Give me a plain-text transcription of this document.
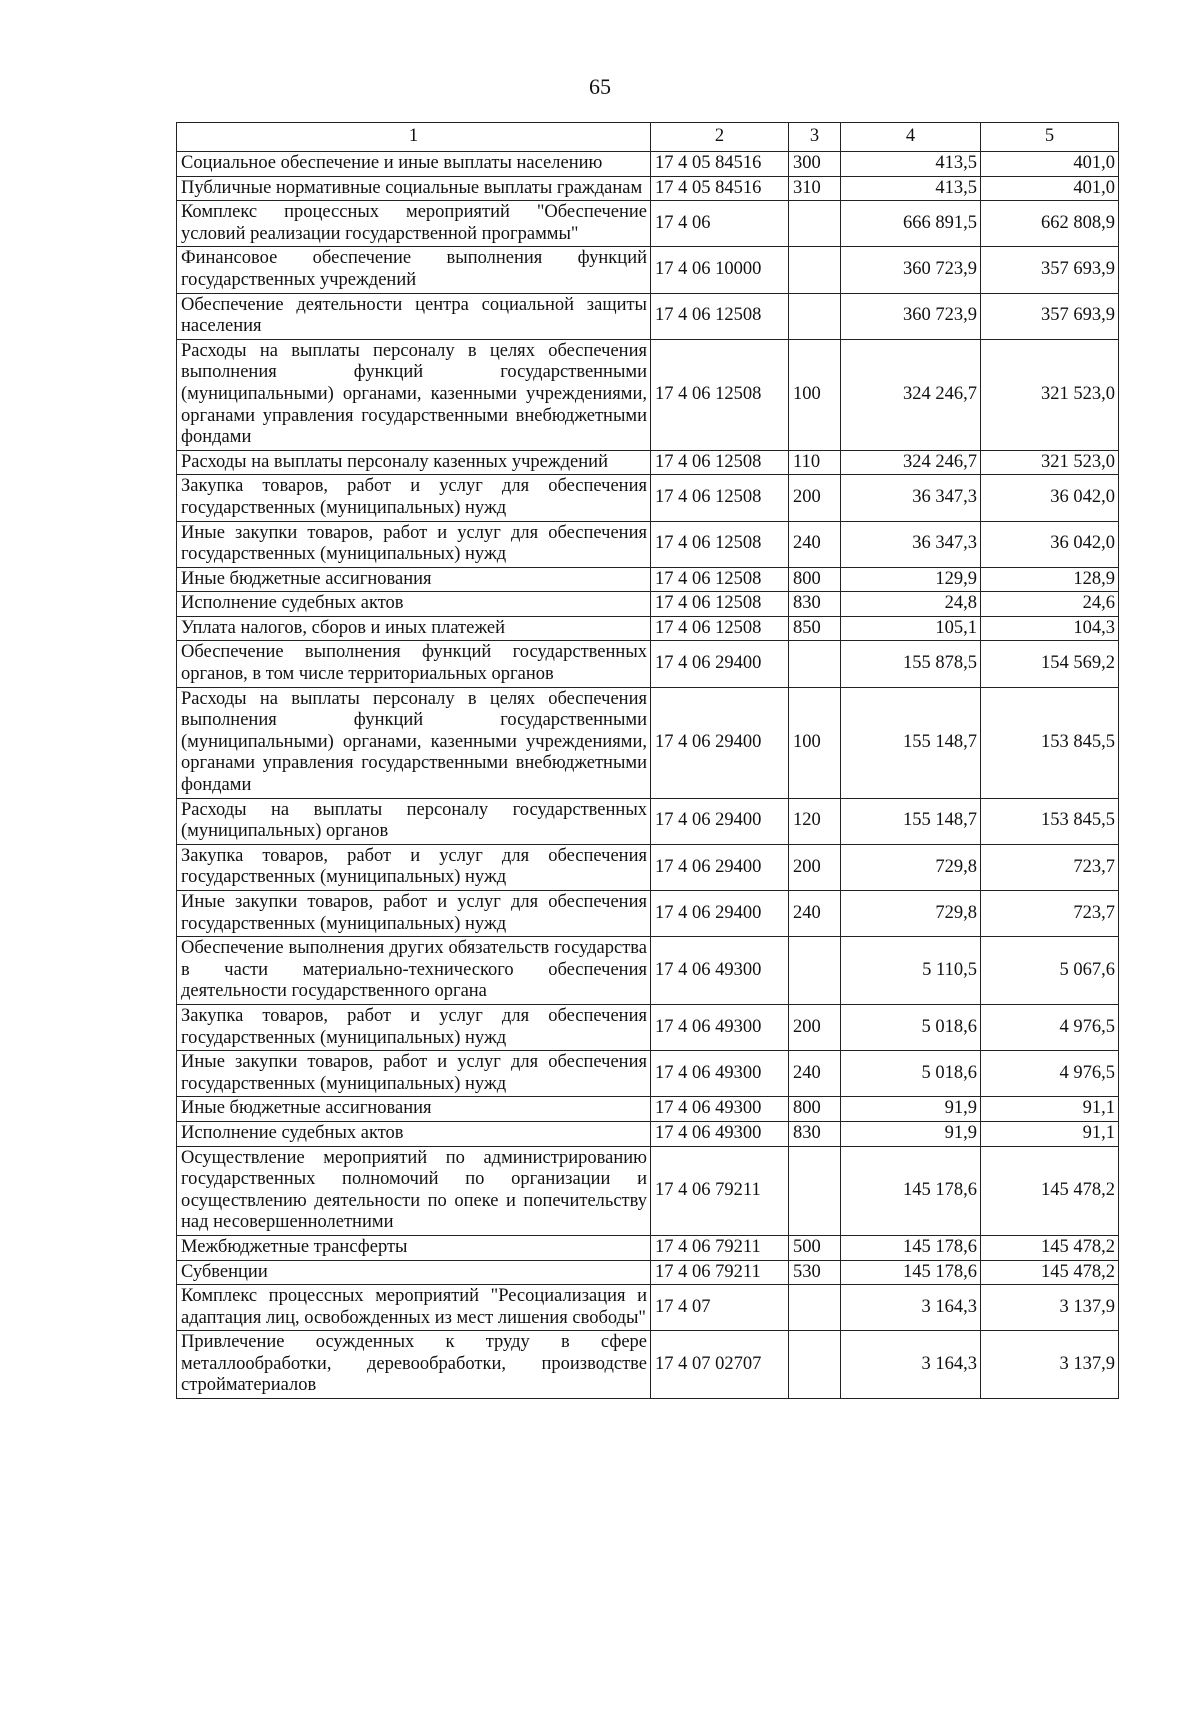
65
1	2	3	4	5
Социальное обеспечение и иные выплаты населению	17 4 05 84516	300	413,5	401,0
Публичные нормативные социальные выплаты гражданам	17 4 05 84516	310	413,5	401,0
Комплекс процессных мероприятий "Обеспечение условий реализации государственной программы"	17 4 06		666 891,5	662 808,9
Финансовое обеспечение выполнения функций государственных учреждений	17 4 06 10000		360 723,9	357 693,9
Обеспечение деятельности центра социальной защиты населения	17 4 06 12508		360 723,9	357 693,9
Расходы на выплаты персоналу в целях обеспечения выполнения функций государственными (муниципальными) органами, казенными учреждениями, органами управления государственными внебюджетными фондами	17 4 06 12508	100	324 246,7	321 523,0
Расходы на выплаты персоналу казенных учреждений	17 4 06 12508	110	324 246,7	321 523,0
Закупка товаров, работ и услуг для обеспечения государственных (муниципальных) нужд	17 4 06 12508	200	36 347,3	36 042,0
Иные закупки товаров, работ и услуг для обеспечения государственных (муниципальных) нужд	17 4 06 12508	240	36 347,3	36 042,0
Иные бюджетные ассигнования	17 4 06 12508	800	129,9	128,9
Исполнение судебных актов	17 4 06 12508	830	24,8	24,6
Уплата налогов, сборов и иных платежей	17 4 06 12508	850	105,1	104,3
Обеспечение выполнения функций государственных органов, в том числе территориальных органов	17 4 06 29400		155 878,5	154 569,2
Расходы на выплаты персоналу в целях обеспечения выполнения функций государственными (муниципальными) органами, казенными учреждениями, органами управления государственными внебюджетными фондами	17 4 06 29400	100	155 148,7	153 845,5
Расходы на выплаты персоналу государственных (муниципальных) органов	17 4 06 29400	120	155 148,7	153 845,5
Закупка товаров, работ и услуг для обеспечения государственных (муниципальных) нужд	17 4 06 29400	200	729,8	723,7
Иные закупки товаров, работ и услуг для обеспечения государственных (муниципальных) нужд	17 4 06 29400	240	729,8	723,7
Обеспечение выполнения других обязательств государства в части материально-технического обеспечения деятельности государственного органа	17 4 06 49300		5 110,5	5 067,6
Закупка товаров, работ и услуг для обеспечения государственных (муниципальных) нужд	17 4 06 49300	200	5 018,6	4 976,5
Иные закупки товаров, работ и услуг для обеспечения государственных (муниципальных) нужд	17 4 06 49300	240	5 018,6	4 976,5
Иные бюджетные ассигнования	17 4 06 49300	800	91,9	91,1
Исполнение судебных актов	17 4 06 49300	830	91,9	91,1
Осуществление мероприятий по администрированию государственных полномочий по организации и осуществлению деятельности по опеке и попечительству над несовершеннолетними	17 4 06 79211		145 178,6	145 478,2
Межбюджетные трансферты	17 4 06 79211	500	145 178,6	145 478,2
Субвенции	17 4 06 79211	530	145 178,6	145 478,2
Комплекс процессных мероприятий "Ресоциализация и адаптация лиц, освобожденных из мест лишения свободы"	17 4 07		3 164,3	3 137,9
Привлечение осужденных к труду в сфере металлообработки, деревообработки, производстве стройматериалов	17 4 07 02707		3 164,3	3 137,9
